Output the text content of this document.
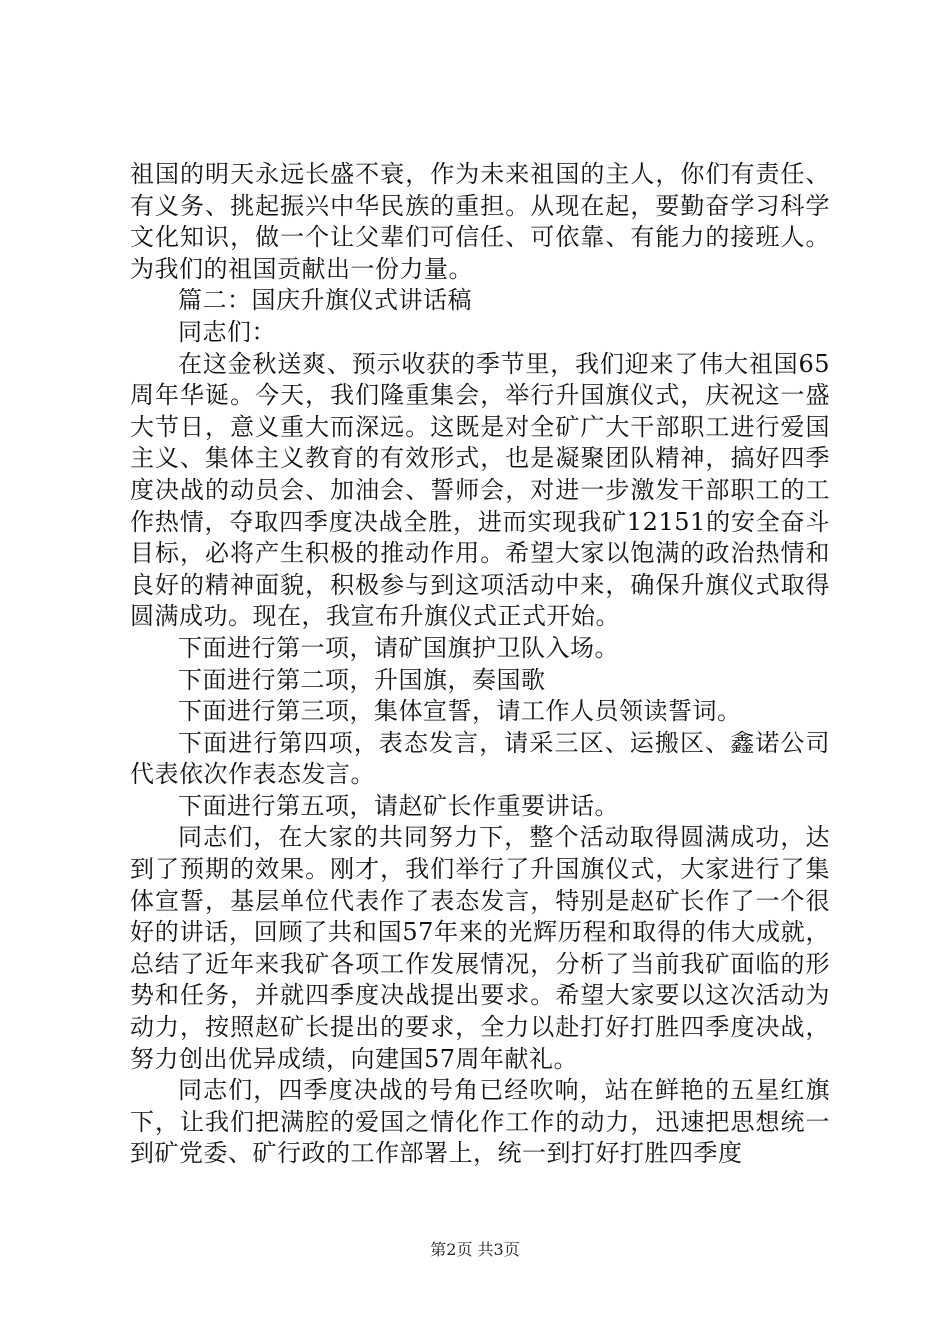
祖国的明天永远长盛不衰，作为未来祖国的主人，你们有责任、有义务、挑起振兴中华民族的重担。从现在起，要勤奋学习科学文化知识，做一个让父辈们可信任、可依靠、有能力的接班人。为我们的祖国贡献出一份力量。

篇二：国庆升旗仪式讲话稿

同志们：

在这金秋送爽、预示收获的季节里，我们迎来了伟大祖国65周年华诞。今天，我们隆重集会，举行升国旗仪式，庆祝这一盛大节日，意义重大而深远。这既是对全矿广大干部职工进行爱国主义、集体主义教育的有效形式，也是凝聚团队精神，搞好四季度决战的动员会、加油会、誓师会，对进一步激发干部职工的工作热情，夺取四季度决战全胜，进而实现我矿12151的安全奋斗目标，必将产生积极的推动作用。希望大家以饱满的政治热情和良好的精神面貌，积极参与到这项活动中来，确保升旗仪式取得圆满成功。现在，我宣布升旗仪式正式开始。

下面进行第一项，请矿国旗护卫队入场。

下面进行第二项，升国旗，奏国歌

下面进行第三项，集体宣誓，请工作人员领读誓词。

下面进行第四项，表态发言，请采三区、运搬区、鑫诺公司代表依次作表态发言。

下面进行第五项，请赵矿长作重要讲话。

同志们，在大家的共同努力下，整个活动取得圆满成功，达到了预期的效果。刚才，我们举行了升国旗仪式，大家进行了集体宣誓，基层单位代表作了表态发言，特别是赵矿长作了一个很好的讲话，回顾了共和国57年来的光辉历程和取得的伟大成就，总结了近年来我矿各项工作发展情况，分析了当前我矿面临的形势和任务，并就四季度决战提出要求。希望大家要以这次活动为动力，按照赵矿长提出的要求，全力以赴打好打胜四季度决战，努力创出优异成绩，向建国57周年献礼。

同志们，四季度决战的号角已经吹响，站在鲜艳的五星红旗下，让我们把满腔的爱国之情化作工作的动力，迅速把思想统一到矿党委、矿行政的工作部署上，统一到打好打胜四季度

第2页 共3页
